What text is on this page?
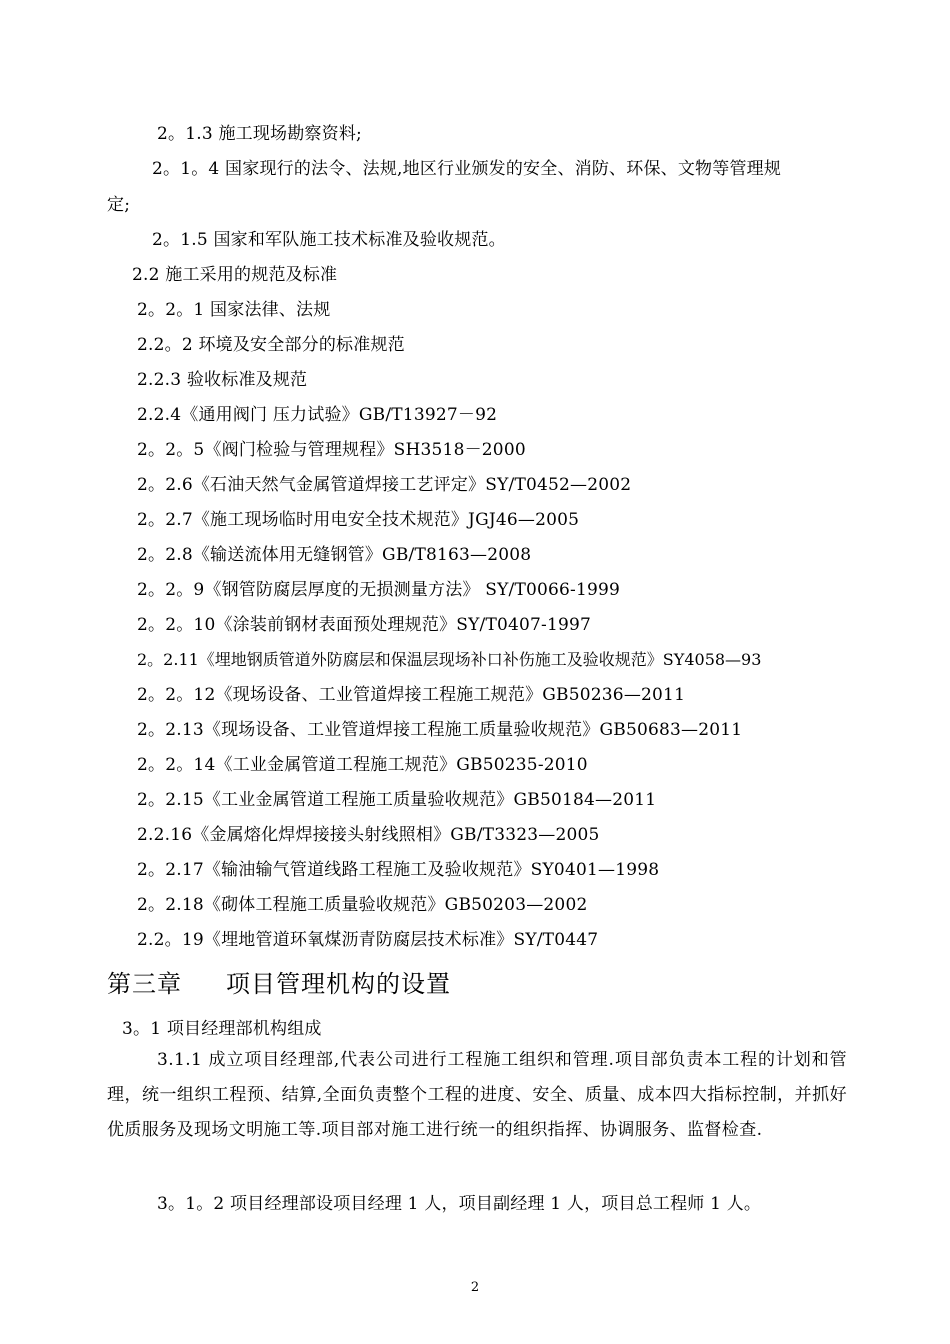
2。1.3 施工现场勘察资料;
2。1。4 国家现行的法令、法规,地区行业颁发的安全、消防、环保、文物等管理规
定;
2。1.5 国家和军队施工技术标准及验收规范。
2.2 施工采用的规范及标准
2。2。1 国家法律、法规
2.2。2 环境及安全部分的标准规范
2.2.3 验收标准及规范
2.2.4《通用阀门 压力试验》GB/T13927－92
2。2。5《阀门检验与管理规程》SH3518－2000
2。2.6《石油天然气金属管道焊接工艺评定》SY/T0452—2002
2。2.7《施工现场临时用电安全技术规范》JGJ46—2005
2。2.8《输送流体用无缝钢管》GB/T8163—2008
2。2。9《钢管防腐层厚度的无损测量方法》 SY/T0066-1999
2。2。10《涂装前钢材表面预处理规范》SY/T0407-1997
2。2.11《埋地钢质管道外防腐层和保温层现场补口补伤施工及验收规范》SY4058—93
2。2。12《现场设备、工业管道焊接工程施工规范》GB50236—2011
2。2.13《现场设备、工业管道焊接工程施工质量验收规范》GB50683—2011
2。2。14《工业金属管道工程施工规范》GB50235-2010
2。2.15《工业金属管道工程施工质量验收规范》GB50184—2011
2.2.16《金属熔化焊焊接接头射线照相》GB/T3323—2005
2。2.17《输油输气管道线路工程施工及验收规范》SY0401—1998
2。2.18《砌体工程施工质量验收规范》GB50203—2002
2.2。19《埋地管道环氧煤沥青防腐层技术标准》SY/T0447
第三章 项目管理机构的设置
3。1 项目经理部机构组成
3.1.1 成立项目经理部,代表公司进行工程施工组织和管理.项目部负责本工程的计划和管理，统一组织工程预、结算,全面负责整个工程的进度、安全、质量、成本四大指标控制，并抓好优质服务及现场文明施工等.项目部对施工进行统一的组织指挥、协调服务、监督检查.
3。1。2 项目经理部设项目经理 1 人，项目副经理 1 人，项目总工程师 1 人。
2
